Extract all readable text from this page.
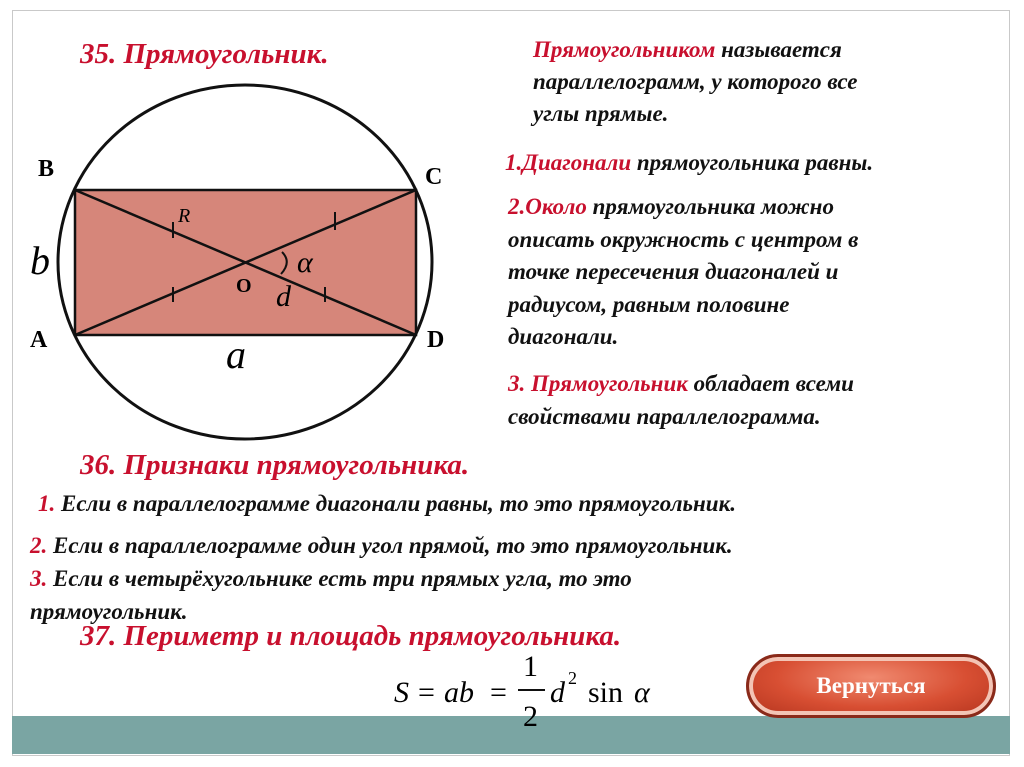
35. Прямоугольник.	Прямоугольником называется
параллелограмм, у которого все
углы прямые.
1.Диагонали прямоугольника равны.
2.Около прямоугольника можно
описать окружность с центром в
точке пересечения диагоналей и
радиусом, равным половине
диагонали.
3. Прямоугольник обладает всеми
свойствами параллелограмма.
B	C
A	D
O
R
b
a
d
α

36. Признаки прямоугольника.

1. Если в параллелограмме диагонали равны, то это прямоугольник.

2. Если в параллелограмме один угол прямой, то это прямоугольник.

3. Если в четырёхугольнике есть три прямых угла, то это
прямоугольник.

37. Периметр и площадь прямоугольника.

S = ab =
1
2
d 2 sin α	Вернуться
